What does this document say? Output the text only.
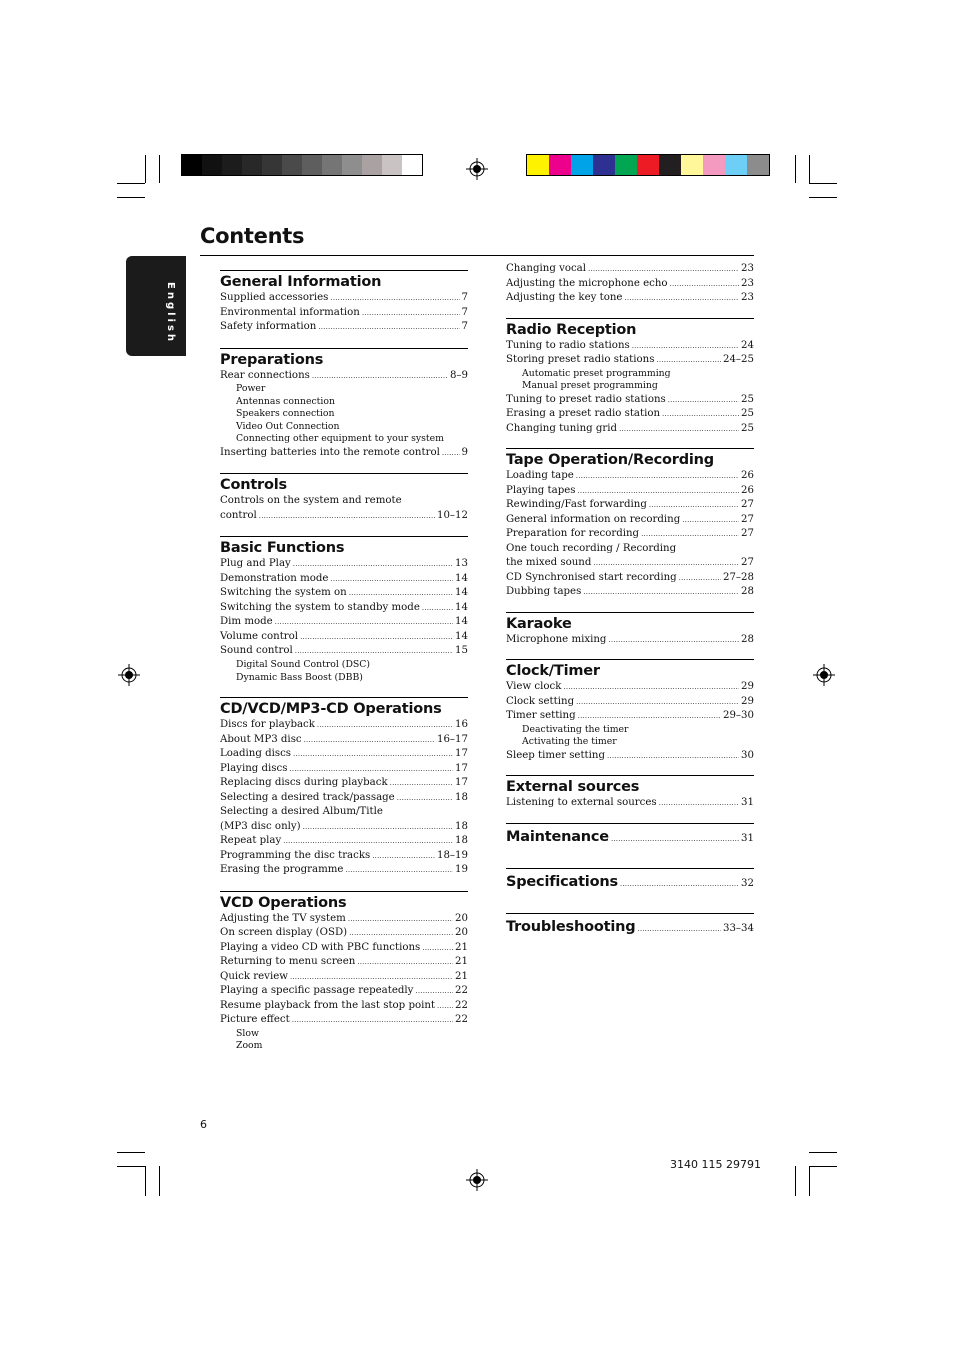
Contents
English	General Information
Supplied accessories .....	7
Environmental information .....	7
Safety information .....	7
Preparations
Rear connections .....	8–9
Power
Antennas connection
Speakers connection
Video Out Connection
Connecting other equipment to your system
Inserting batteries into the remote control ..... 9
Controls
Controls on the system and remote
control .....	10–12
Basic Functions
Plug and Play .....	13
Demonstration mode .....	14
Switching the system on .....	14
Switching the system to standby mode .....	14
Dim mode .....	14
Volume control .....	14
Sound control .....	15
Digital Sound Control (DSC)
Dynamic Bass Boost (DBB)
CD/VCD/MP3-CD Operations
Discs for playback .....	16
About MP3 disc .....	16–17
Loading discs .....	17
Playing discs .....	17
Replacing discs during playback .....	17
Selecting a desired track/passage .....	18
Selecting a desired Album/Title
(MP3 disc only) .....	18
Repeat play .....	18
Programming the disc tracks .....	18–19
Erasing the programme .....	19
VCD Operations
Adjusting the TV system .....	20
On screen display (OSD) .....	20
Playing a video CD with PBC functions .....	21
Returning to menu screen .....	21
Quick review .....	21
Playing a specific passage repeatedly .....	22
Resume playback from the last stop point ..... 22
Picture effect .....	22
Slow
Zoom
Changing vocal .....	23
Adjusting the microphone echo .....	23
Adjusting the key tone .....	23
Radio Reception
Tuning to radio stations .....	24
Storing preset radio stations .....	24–25
Automatic preset programming
Manual preset programming
Tuning to preset radio stations .....	25
Erasing a preset radio station .....	25
Changing tuning grid .....	25
Tape Operation/Recording
Loading tape .....	26
Playing tapes .....	26
Rewinding/Fast forwarding .....	27
General information on recording .....	27
Preparation for recording .....	27
One touch recording / Recording
the mixed sound .....	27
CD Synchronised start recording .....	27–28
Dubbing tapes .....	28
Karaoke
Microphone mixing .....	28
Clock/Timer
View clock .....	29
Clock setting .....	29
Timer setting .....	29–30
Deactivating the timer
Activating the timer
Sleep timer setting .....	30
External sources
Listening to external sources .....	31
Maintenance .....	31
Specifications .....	32
Troubleshooting .....	33–34
6
3140 115 29791
